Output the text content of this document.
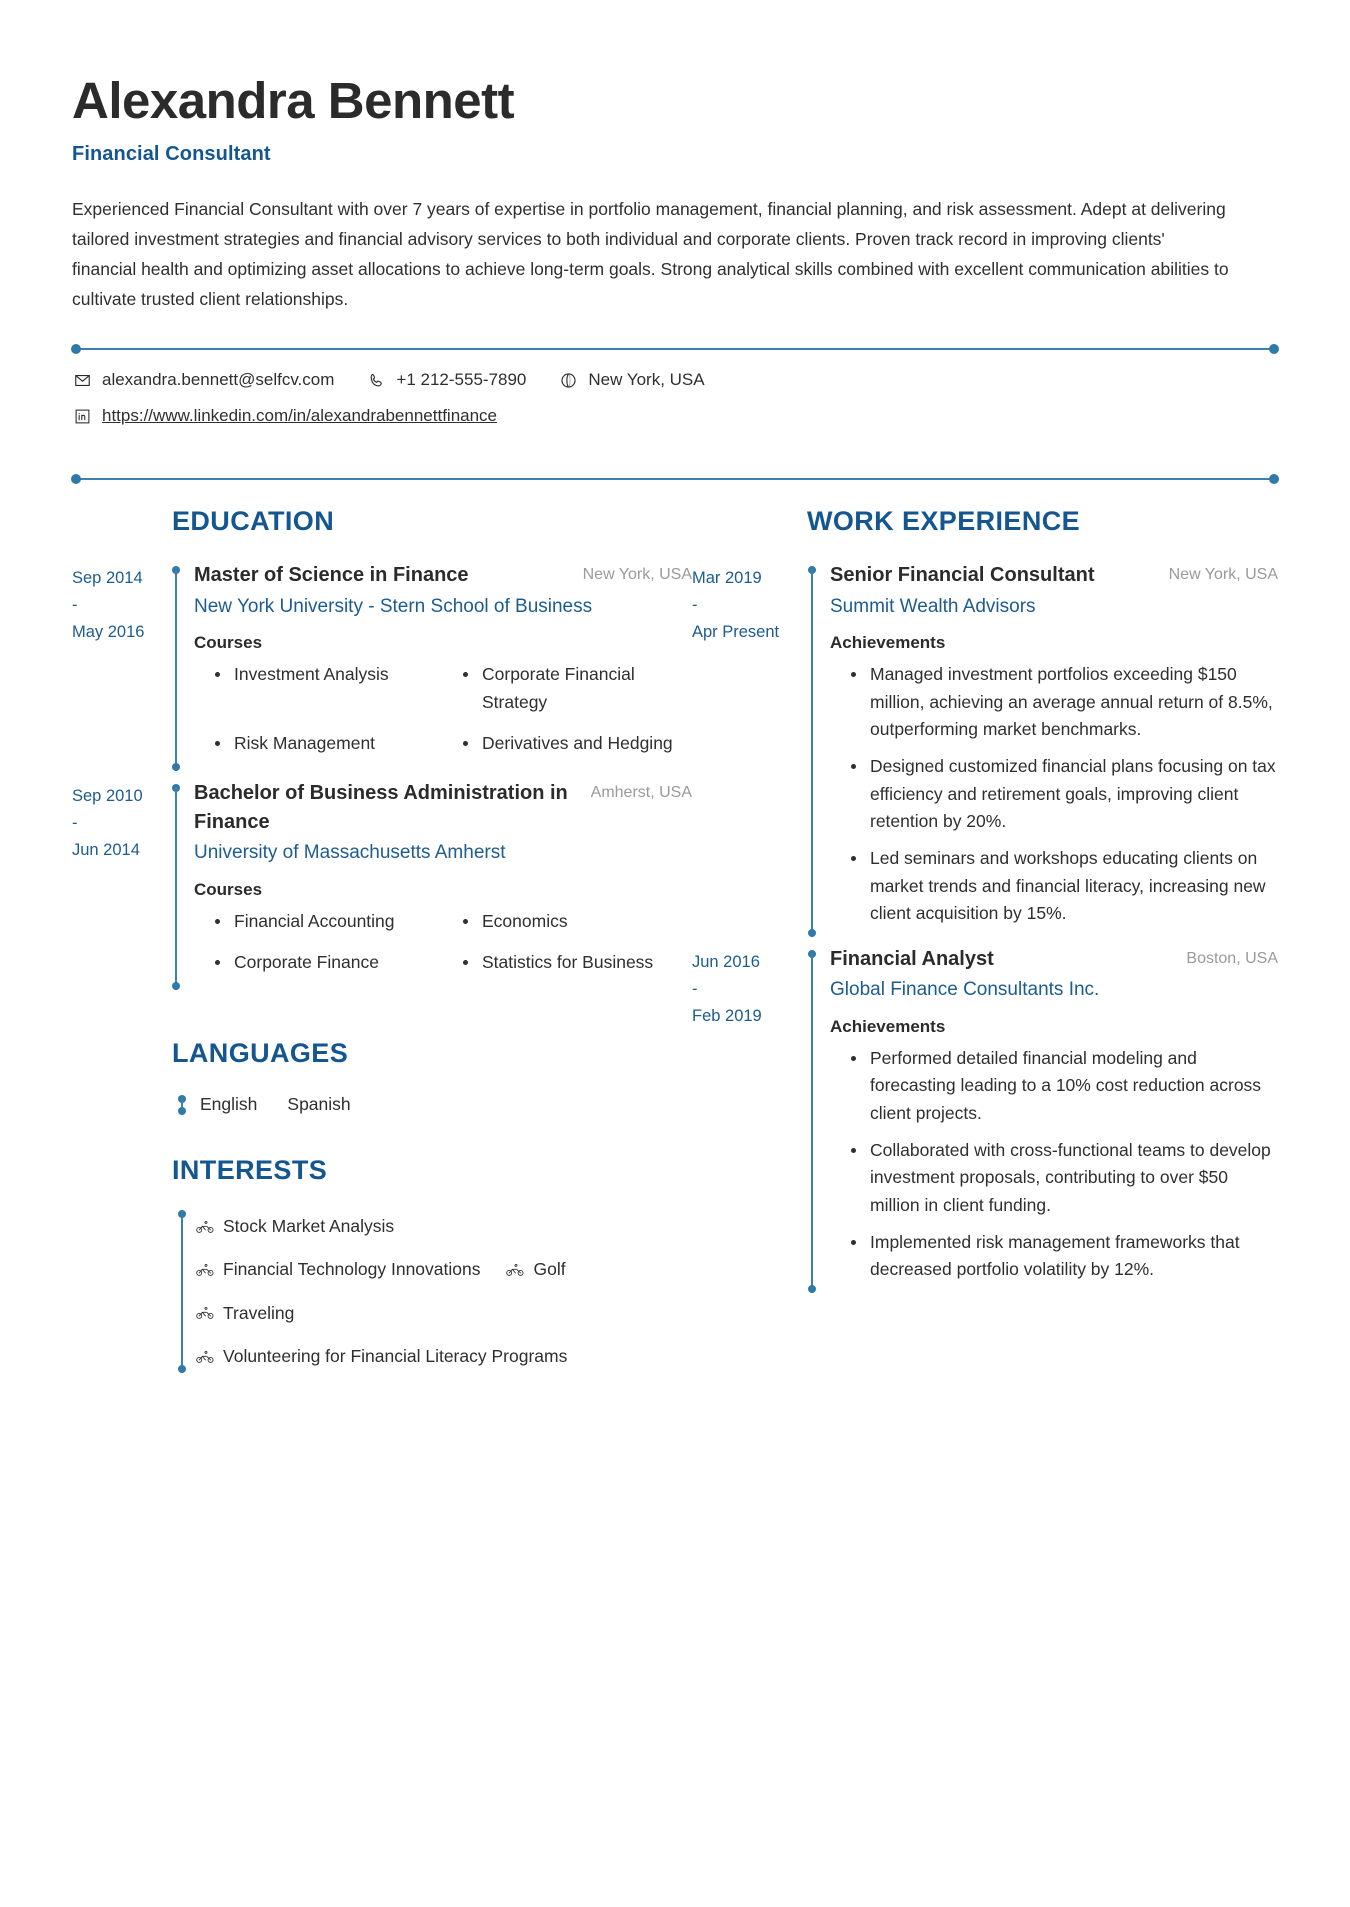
Alexandra Bennett
Financial Consultant

Experienced Financial Consultant with over 7 years of expertise in portfolio management, financial planning, and risk assessment. Adept at delivering tailored investment strategies and financial advisory services to both individual and corporate clients. Proven track record in improving clients' financial health and optimizing asset allocations to achieve long-term goals. Strong analytical skills combined with excellent communication abilities to cultivate trusted client relationships.

alexandra.bennett@selfcv.com	+1 212-555-7890	New York, USA
https://www.linkedin.com/in/alexandrabennettfinance
EDUCATION
Sep 2014
-
May 2016
Master of Science in Finance	New York, USA
New York University - Stern School of Business
Courses
Investment Analysis	Corporate Financial Strategy
Risk Management	Derivatives and Hedging
Sep 2010
-
Jun 2014
Bachelor of Business Administration in Finance
Amherst, USA
University of Massachusetts Amherst
Courses
Financial Accounting	Economics
Corporate Finance	Statistics for Business
LANGUAGES
English Spanish
INTERESTS
Stock Market Analysis
Financial Technology Innovations	Golf
Traveling
Volunteering for Financial Literacy Programs
WORK EXPERIENCE
Mar 2019
-
Apr Present
Senior Financial Consultant	New York, USA
Summit Wealth Advisors
Achievements
Managed investment portfolios exceeding $150 million, achieving an average annual return of 8.5%, outperforming market benchmarks.
Designed customized financial plans focusing on tax efficiency and retirement goals, improving client retention by 20%.
Led seminars and workshops educating clients on market trends and financial literacy, increasing new client acquisition by 15%.
Jun 2016
-
Feb 2019
Financial Analyst	Boston, USA
Global Finance Consultants Inc.
Achievements
Performed detailed financial modeling and forecasting leading to a 10% cost reduction across client projects.
Collaborated with cross-functional teams to develop investment proposals, contributing to over $50 million in client funding.
Implemented risk management frameworks that decreased portfolio volatility by 12%.
